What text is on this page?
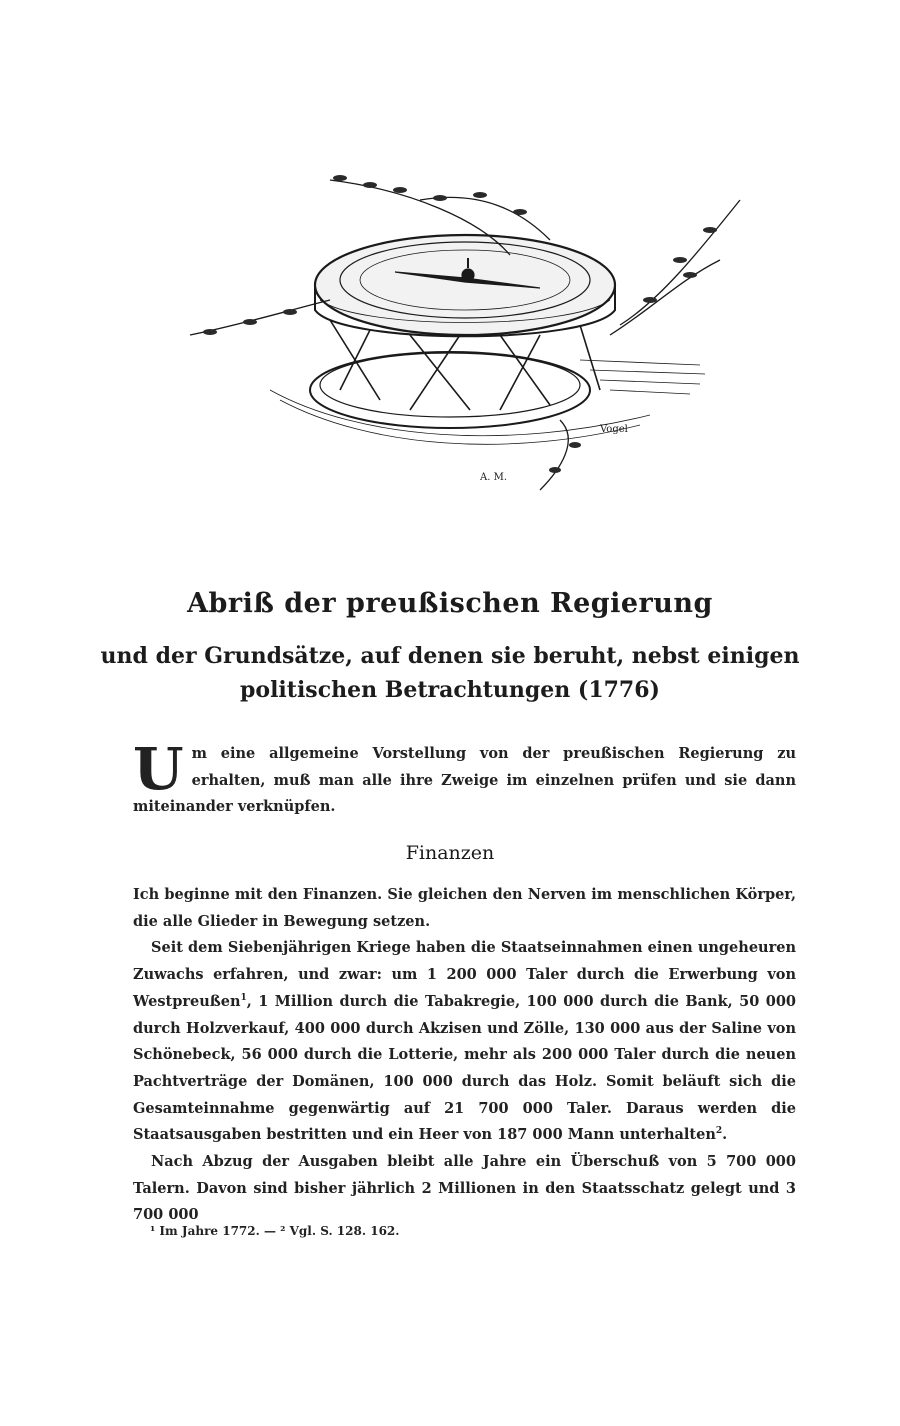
A. M.
Vogel
Abriß der preußischen Regierung
und der Grundsätze, auf denen sie beruht, nebst einigen
politischen Betrachtungen (1776)

Um eine allgemeine Vorstellung von der preußischen Regierung zu erhalten, muß man alle ihre Zweige im einzelnen prüfen und sie dann miteinander verknüpfen.

Finanzen

Ich beginne mit den Finanzen. Sie gleichen den Nerven im menschlichen Körper, die alle Glieder in Bewegung setzen.

Seit dem Siebenjährigen Kriege haben die Staatseinnahmen einen ungeheuren Zuwachs erfahren, und zwar: um 1 200 000 Taler durch die Erwerbung von Westpreußen$^1$, 1 Million durch die Tabakregie, 100 000 durch die Bank, 50 000 durch Holzverkauf, 400 000 durch Akzisen und Zölle, 130 000 aus der Saline von Schönebeck, 56 000 durch die Lotterie, mehr als 200 000 Taler durch die neuen Pachtverträge der Domänen, 100 000 durch das Holz. Somit beläuft sich die Gesamteinnahme gegenwärtig auf 21 700 000 Taler. Daraus werden die Staatsausgaben bestritten und ein Heer von 187 000 Mann unterhalten$^2$.

Nach Abzug der Ausgaben bleibt alle Jahre ein Überschuß von 5 700 000 Talern. Davon sind bisher jährlich 2 Millionen in den Staatsschatz gelegt und 3 700 000

¹ Im Jahre 1772. — ² Vgl. S. 128. 162.
